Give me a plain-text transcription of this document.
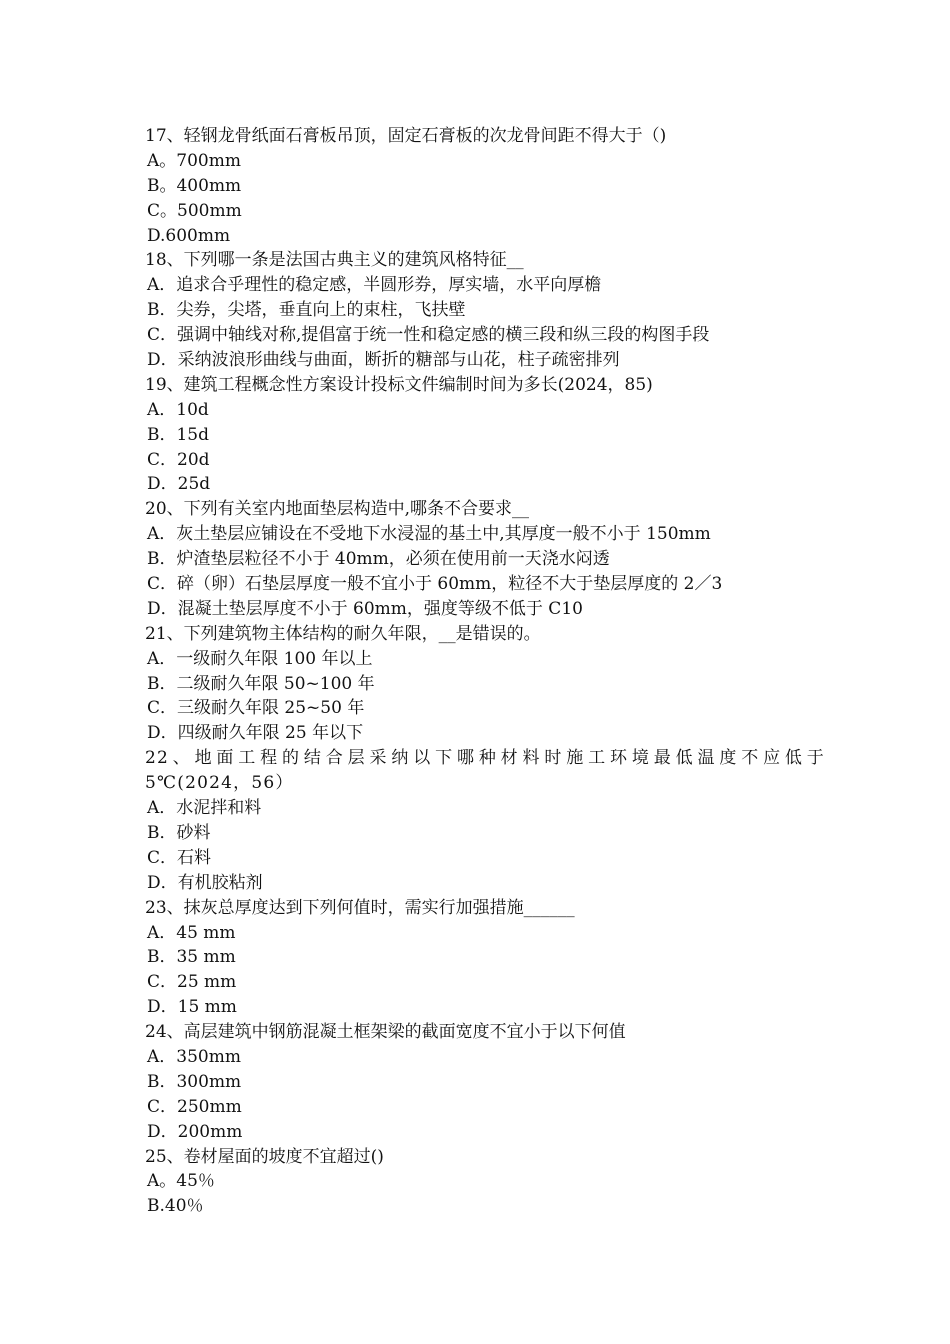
17、轻钢龙骨纸面石膏板吊顶，固定石膏板的次龙骨间距不得大于（)
A。700mm
B。400mm
C。500mm
D.600mm
18、下列哪一条是法国古典主义的建筑风格特征__
A．追求合乎理性的稳定感，半圆形券，厚实墙，水平向厚檐
B．尖券，尖塔，垂直向上的束柱，飞扶壁
C．强调中轴线对称,提倡富于统一性和稳定感的横三段和纵三段的构图手段
D．采纳波浪形曲线与曲面，断折的糖部与山花，柱子疏密排列
19、建筑工程概念性方案设计投标文件编制时间为多长(2024，85)
A．10d
B．15d
C．20d
D．25d
20、下列有关室内地面垫层构造中,哪条不合要求__
A．灰土垫层应铺设在不受地下水浸湿的基土中,其厚度一般不小于 150mm
B．炉渣垫层粒径不小于 40mm，必须在使用前一天浇水闷透
C．碎（卵）石垫层厚度一般不宜小于 60mm，粒径不大于垫层厚度的 2／3
D．混凝土垫层厚度不小于 60mm，强度等级不低于 C10
21、下列建筑物主体结构的耐久年限，__是错误的。
A．一级耐久年限 100 年以上
B．二级耐久年限 50~100 年
C．三级耐久年限 25~50 年
D．四级耐久年限 25 年以下
22、地面工程的结合层采纳以下哪种材料时施工环境最低温度不应低于 5℃(2024，56）
A．水泥拌和料
B．砂料
C．石料
D．有机胶粘剂
23、抹灰总厚度达到下列何值时，需实行加强措施______
A．45 mm
B．35 mm
C．25 mm
D．15 mm
24、高层建筑中钢筋混凝土框架梁的截面宽度不宜小于以下何值
A．350mm
B．300mm
C．250mm
D．200mm
25、卷材屋面的坡度不宜超过()
A。45％
B.40％
